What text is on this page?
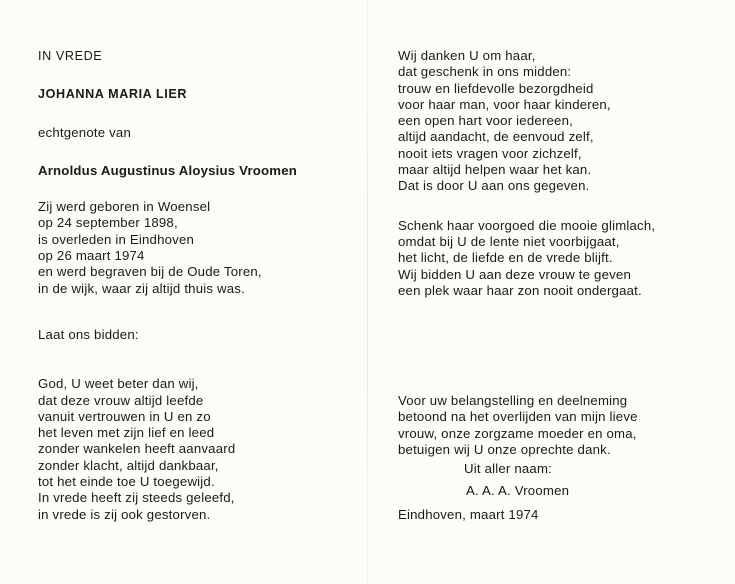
IN VREDE
JOHANNA MARIA LIER
echtgenote van
Arnoldus Augustinus Aloysius Vroomen
Zij werd geboren in Woensel
op 24 september 1898,
is overleden in Eindhoven
op 26 maart 1974
en werd begraven bij de Oude Toren,
in de wijk, waar zij altijd thuis was.
Laat ons bidden:
God, U weet beter dan wij,
dat deze vrouw altijd leefde
vanuit vertrouwen in U en zo
het leven met zijn lief en leed
zonder wankelen heeft aanvaard
zonder klacht, altijd dankbaar,
tot het einde toe U toegewijd.
In vrede heeft zij steeds geleefd,
in vrede is zij ook gestorven.
Wij danken U om haar,
dat geschenk in ons midden:
trouw en liefdevolle bezorgdheid
voor haar man, voor haar kinderen,
een open hart voor iedereen,
altijd aandacht, de eenvoud zelf,
nooit iets vragen voor zichzelf,
maar altijd helpen waar het kan.
Dat is door U aan ons gegeven.
Schenk haar voorgoed die mooie glimlach,
omdat bij U de lente niet voorbijgaat,
het licht, de liefde en de vrede blijft.
Wij bidden U aan deze vrouw te geven
een plek waar haar zon nooit ondergaat.
Voor uw belangstelling en deelneming
betoond na het overlijden van mijn lieve
vrouw, onze zorgzame moeder en oma,
betuigen wij U onze oprechte dank.
Uit aller naam:
A. A. A. Vroomen
Eindhoven, maart 1974
